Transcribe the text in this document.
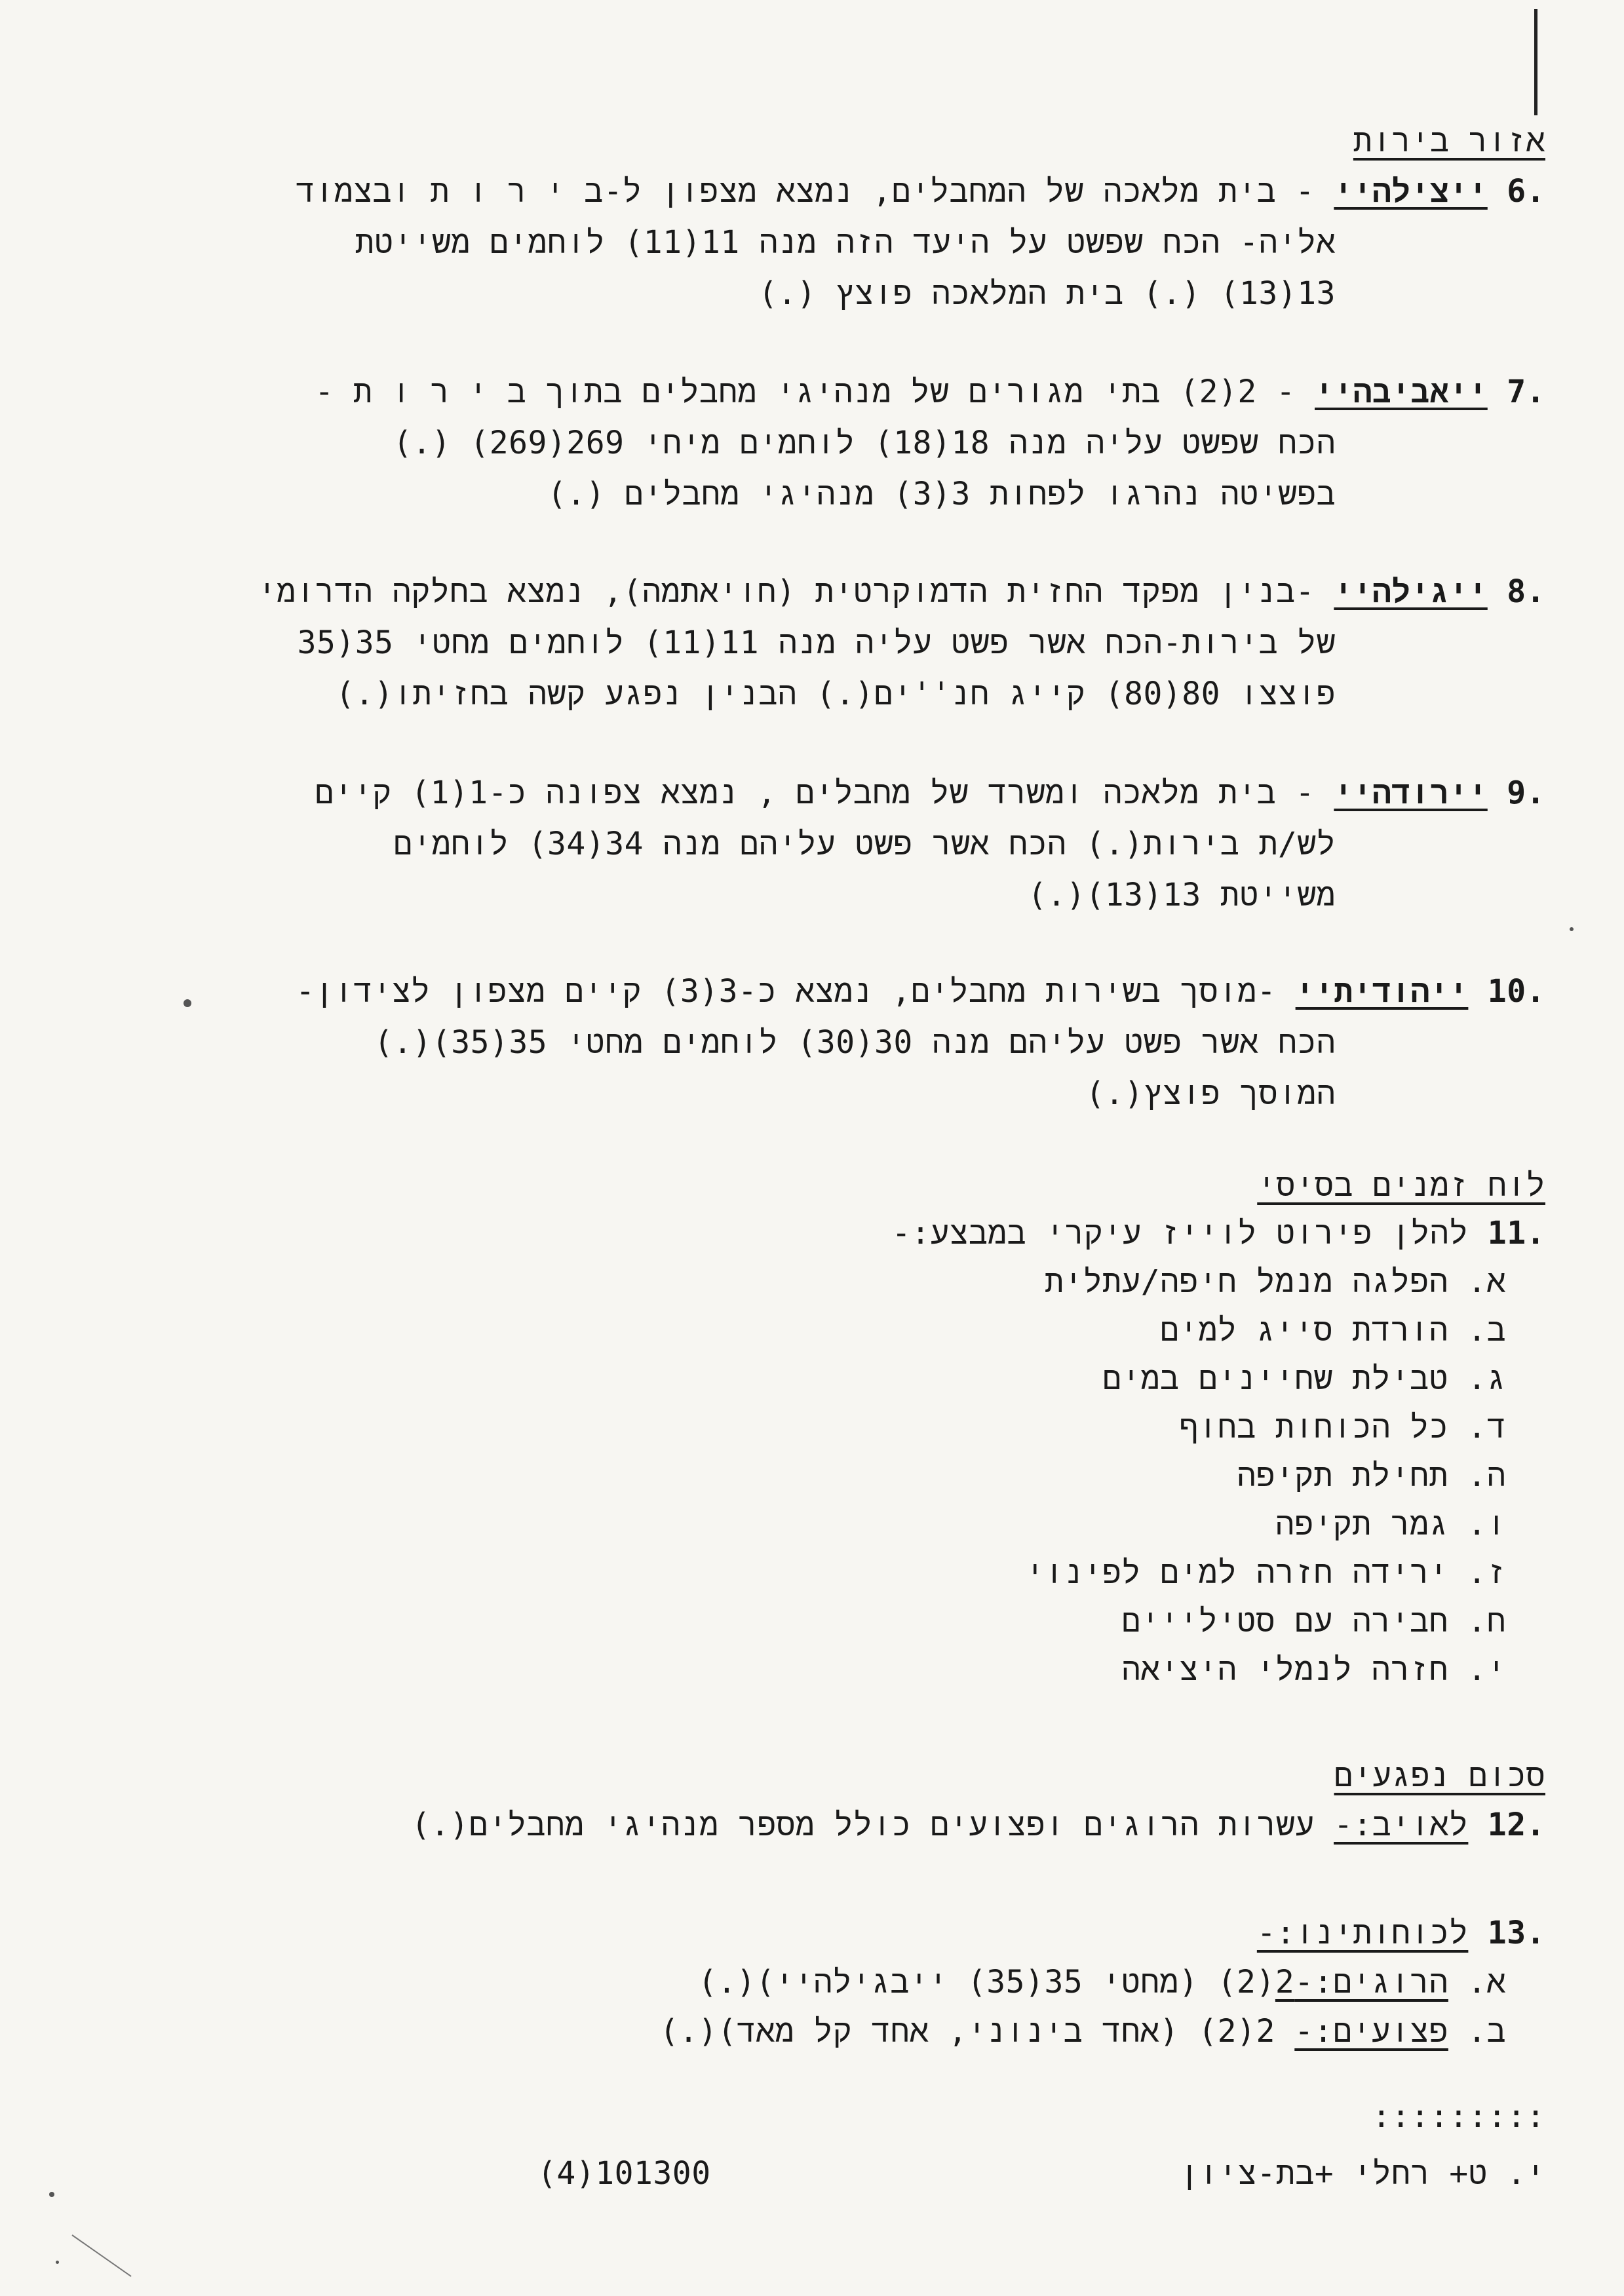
אזור בירות
.6 ייצילהיי - בית מלאכה של המחבלים, נמצא מצפון ל-ב י ר ו ת ובצמוד
אליה- הכח שפשט על היעד הזה מנה 11(11) לוחמים משייטת
13(13) (.) בית המלאכה פוצץ (.)
.7 ייאביבהיי - 2(2) בתי מגורים של מנהיגי מחבלים בתוך ב י ר ו ת -
הכח שפשט עליה מנה 18(18) לוחמים מיחי 269(269) (.)
בפשיטה נהרגו לפחות 3(3) מנהיגי מחבלים (.)
.8 ייגילהיי -בנין מפקד החזית הדמוקרטית (חויאתמה), נמצא בחלקה הדרומי
של בירות-הכח אשר פשט עליה מנה 11(11) לוחמים מחטי 35(35
פוצצו 80(80) קייג חנ''ים(.) הבנין נפגע קשה בחזיתו(.)
.9 יירודהיי - בית מלאכה ומשרד של מחבלים , נמצא צפונה כ-1(1) קיים
לש/ת בירות(.) הכח אשר פשט עליהם מנה 34(34) לוחמים
משייטת 13(13)(.)
.10 ייהודיתיי -מוסך בשירות מחבלים, נמצא כ-3(3) קיים מצפון לצידון-
הכח אשר פשט עליהם מנה 30(30) לוחמים מחטי 35(35)(.)
המוסך פוצץ(.)
לוח זמנים בסיסי
.11 להלן פירוט לוייז עיקרי במבצע:-
א. הפלגה מנמל חיפה/עתלית
ב. הורדת סייג למים
ג. טבילת שחיינים במים
ד. כל הכוחות בחוף
ה. תחילת תקיפה
ו. גמר תקיפה
ז. ירידה חזרה למים לפינוי
ח. חבירה עם סטילייים
י. חזרה לנמלי היציאה
סכום נפגעים
.12 לאויב:- עשרות הרוגים ופצועים כולל מספר מנהיגי מחבלים(.)
.13 לכוחותינו:-
א. הרוגים:-2(2) (מחטי 35(35) ייבגילהיי)(.)
ב. פצועים:- 2(2) (אחד בינוני, אחד קל מאד)(.)
:::::::::
י. ט+ רחלי +בת-ציון
(4)101300
